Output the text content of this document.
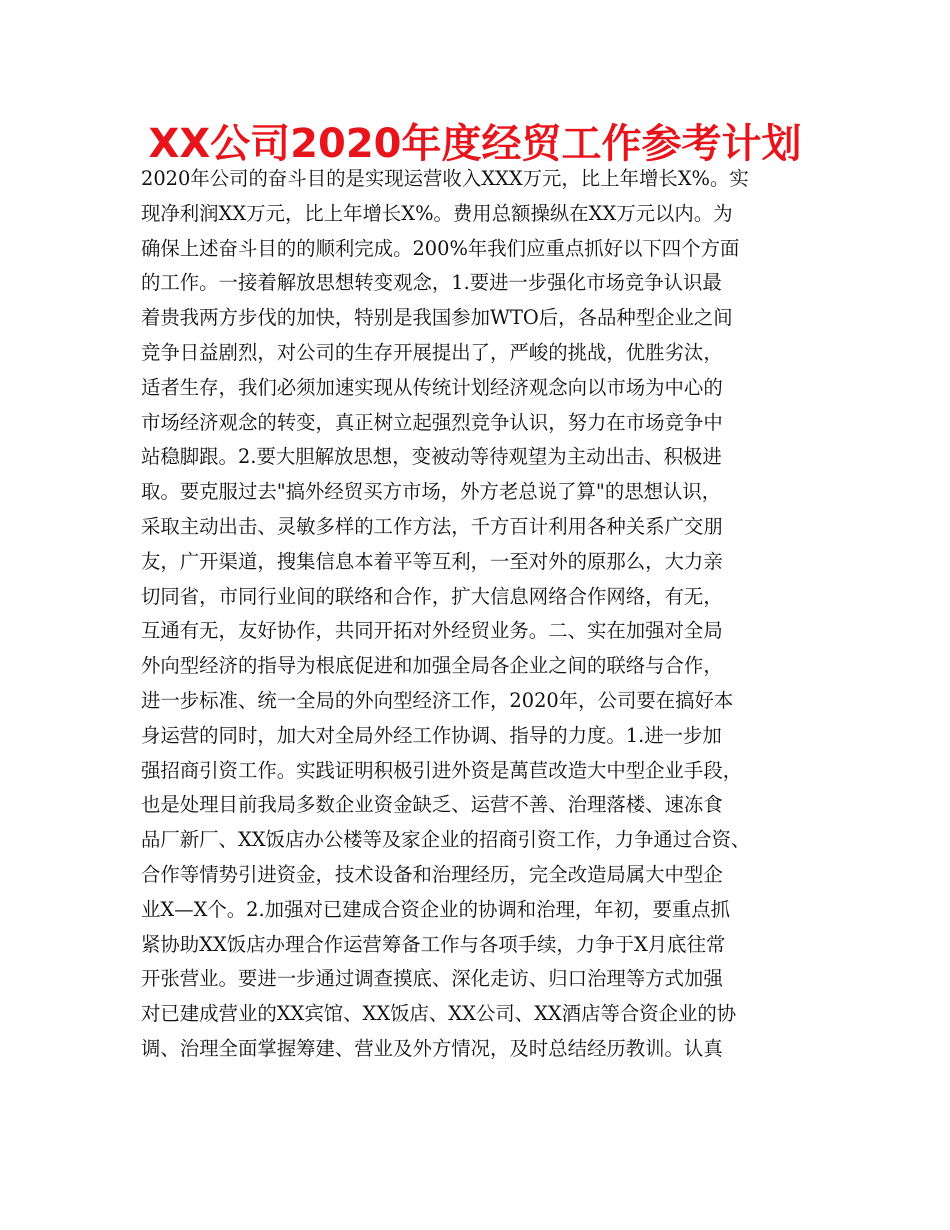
XX公司2020年度经贸工作参考计划
2020年公司的奋斗目的是实现运营收入XXX万元，比上年增长X%。实
现净利润XX万元，比上年增长X%。费用总额操纵在XX万元以内。为
确保上述奋斗目的的顺利完成。200%年我们应重点抓好以下四个方面
的工作。一接着解放思想转变观念，1.要进一步强化市场竞争认识最
着贵我两方步伐的加快，特别是我国参加WTO后，各品种型企业之间
竞争日益剧烈，对公司的生存开展提出了，严峻的挑战，优胜劣汰，
适者生存，我们必须加速实现从传统计划经济观念向以市场为中心的
市场经济观念的转变，真正树立起强烈竞争认识，努力在市场竞争中
站稳脚跟。2.要大胆解放思想，变被动等待观望为主动出击、积极进
取。要克服过去"搞外经贸买方市场，外方老总说了算"的思想认识，
采取主动出击、灵敏多样的工作方法，千方百计利用各种关系广交朋
友，广开渠道，搜集信息本着平等互利，一至对外的原那么，大力亲
切同省，市同行业间的联络和合作，扩大信息网络合作网络，有无，
互通有无，友好协作，共同开拓对外经贸业务。二、实在加强对全局
外向型经济的指导为根底促进和加强全局各企业之间的联络与合作，
进一步标准、统一全局的外向型经济工作，2020年，公司要在搞好本
身运营的同时，加大对全局外经工作协调、指导的力度。1.进一步加
强招商引资工作。实践证明积极引进外资是萬苣改造大中型企业手段，
也是处理目前我局多数企业资金缺乏、运营不善、治理落楼、速冻食
品厂新厂、XX饭店办公楼等及家企业的招商引资工作，力争通过合资、
合作等情势引进资金，技术设备和治理经历，完全改造局属大中型企
业X—X个。2.加强对已建成合资企业的协调和治理，年初，要重点抓
紧协助XX饭店办理合作运营筹备工作与各项手续，力争于X月底往常
开张营业。要进一步通过调查摸底、深化走访、归口治理等方式加强
对已建成营业的XX宾馆、XX饭店、XX公司、XX酒店等合资企业的协
调、治理全面掌握筹建、营业及外方情况，及时总结经历教训。认真
